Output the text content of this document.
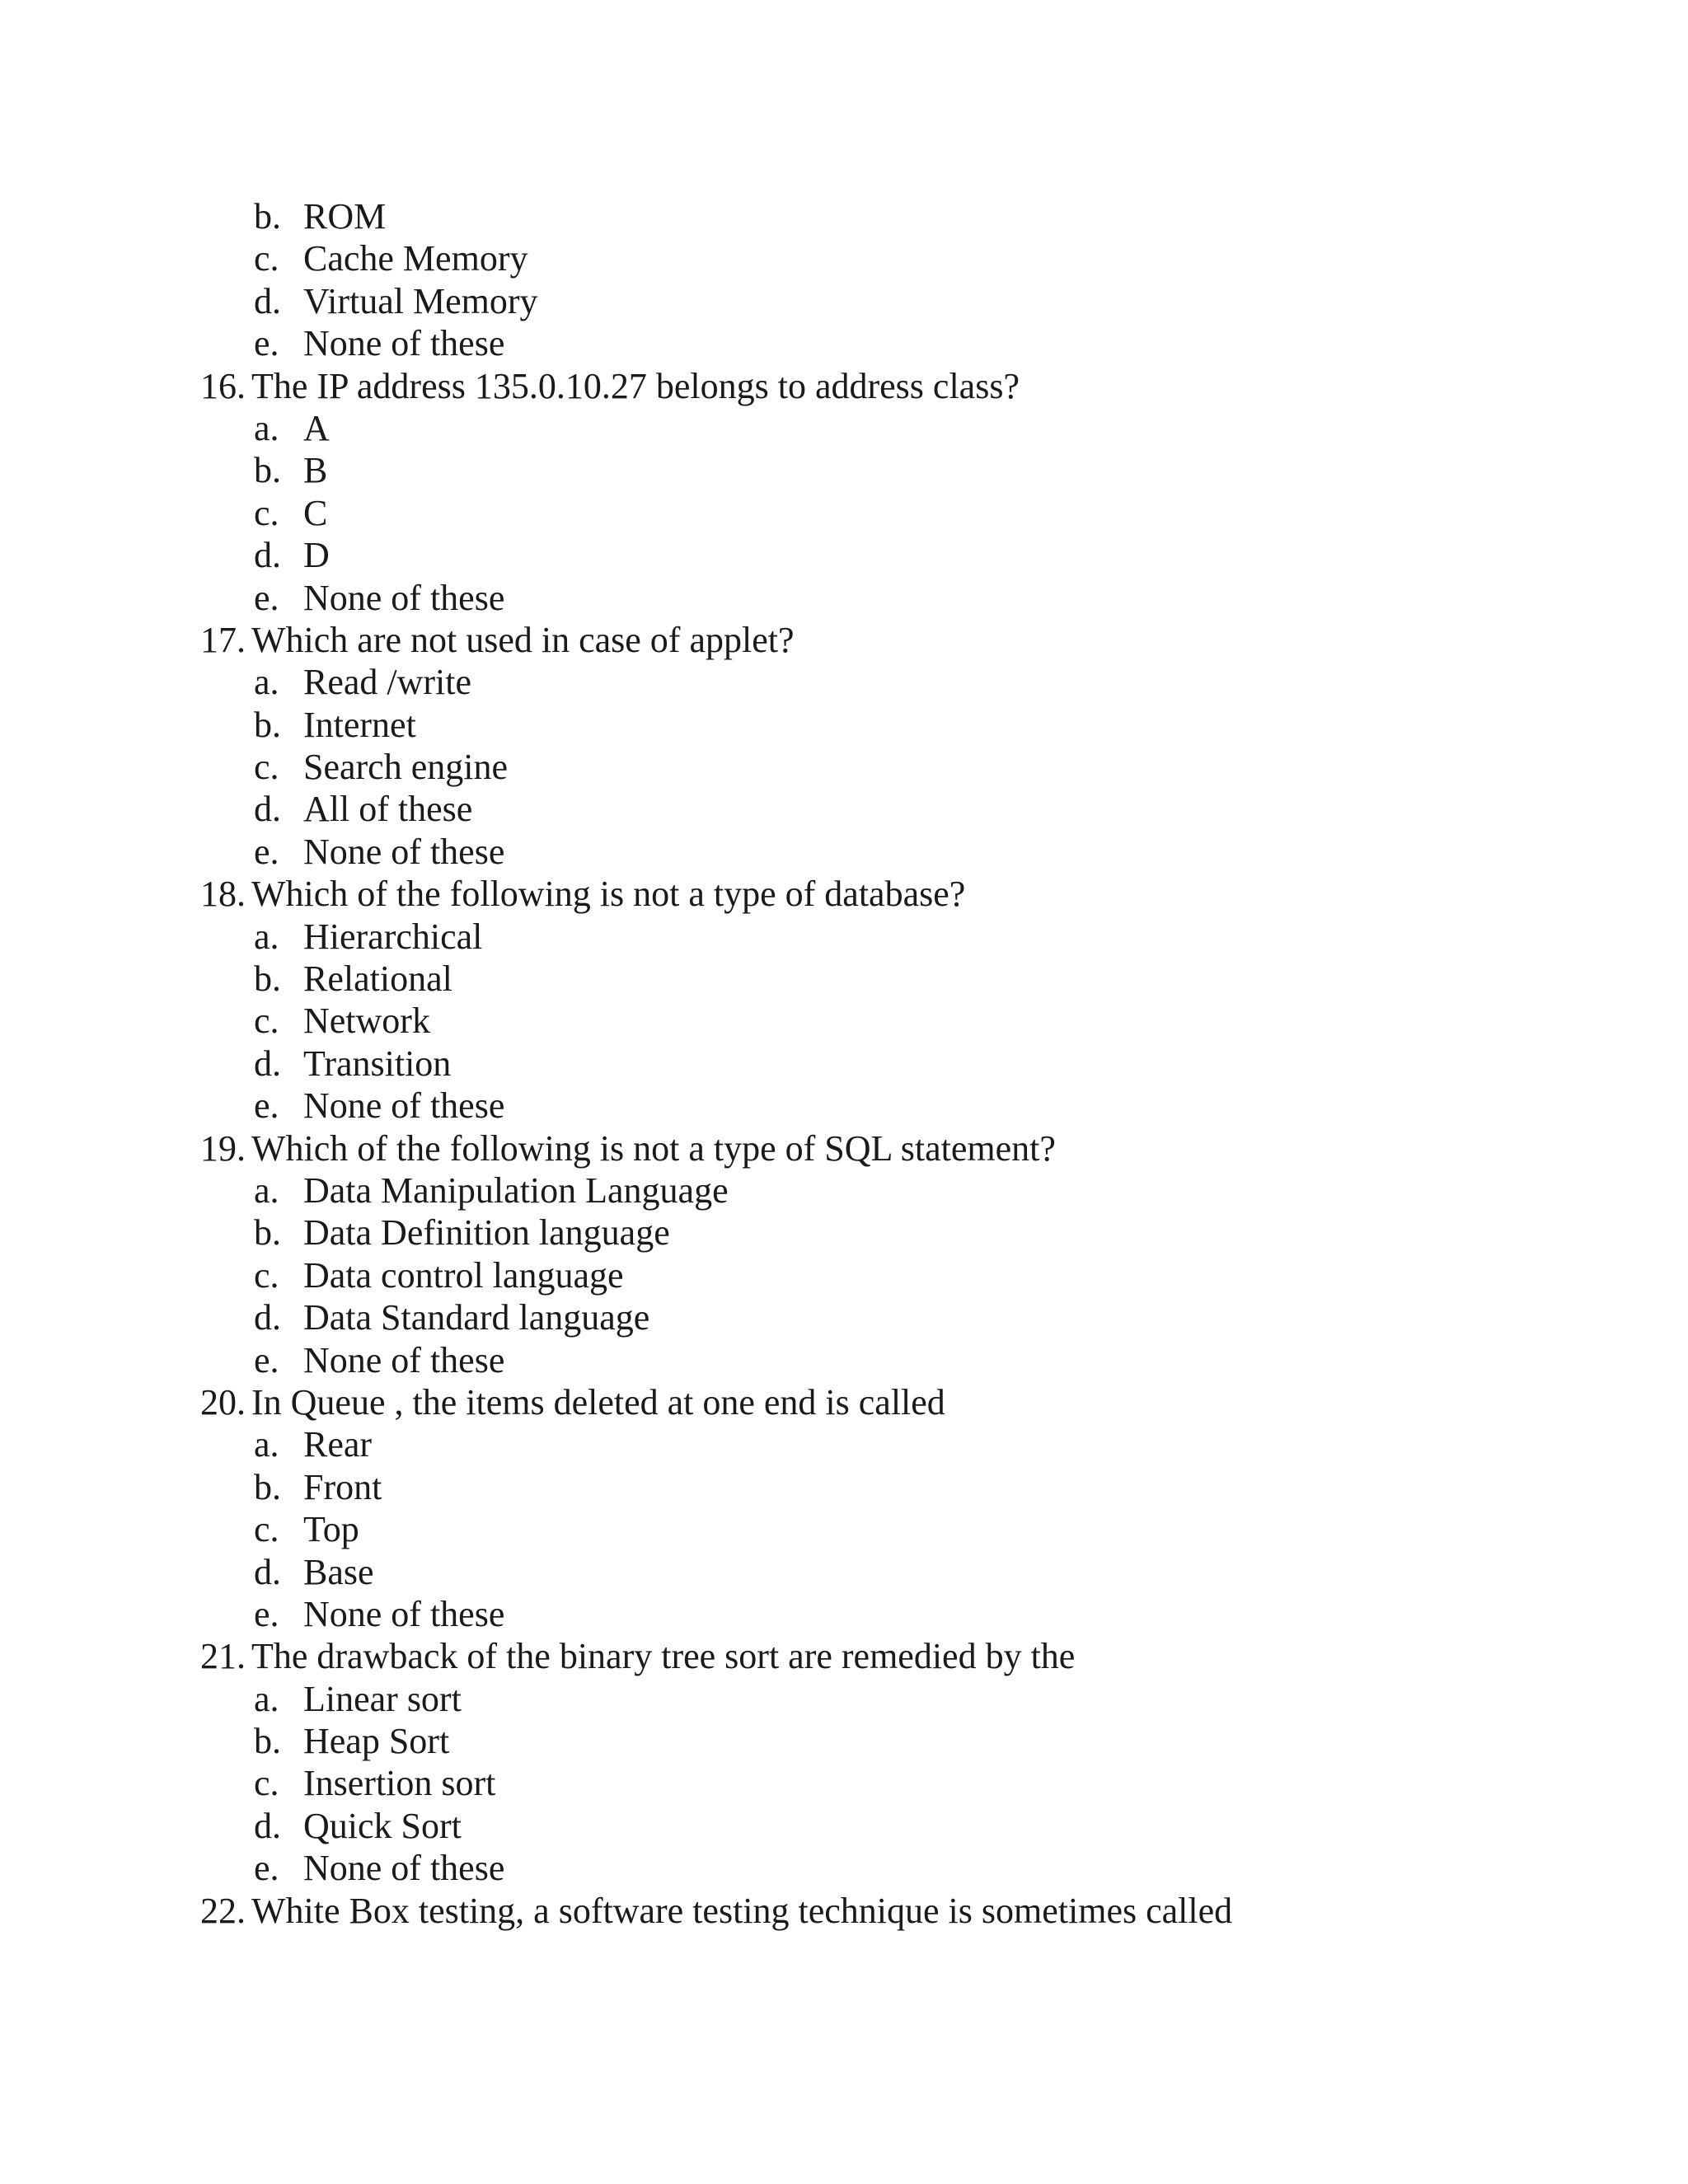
b. ROM
c. Cache Memory
d. Virtual Memory
e. None of these
16. The IP address 135.0.10.27 belongs to address class?
a. A
b. B
c. C
d. D
e. None of these
17. Which are not used in case of applet?
a. Read /write
b. Internet
c. Search engine
d. All of these
e. None of these
18. Which of the following is not a type of database?
a. Hierarchical
b. Relational
c. Network
d. Transition
e. None of these
19. Which of the following is not a type of SQL statement?
a. Data Manipulation Language
b. Data Definition language
c. Data control language
d. Data Standard language
e. None of these
20. In Queue , the items deleted at one end is called
a. Rear
b. Front
c. Top
d. Base
e. None of these
21. The drawback of the binary tree sort are remedied by the
a. Linear sort
b. Heap Sort
c. Insertion sort
d. Quick Sort
e. None of these
22. White Box testing, a software testing technique is sometimes called
